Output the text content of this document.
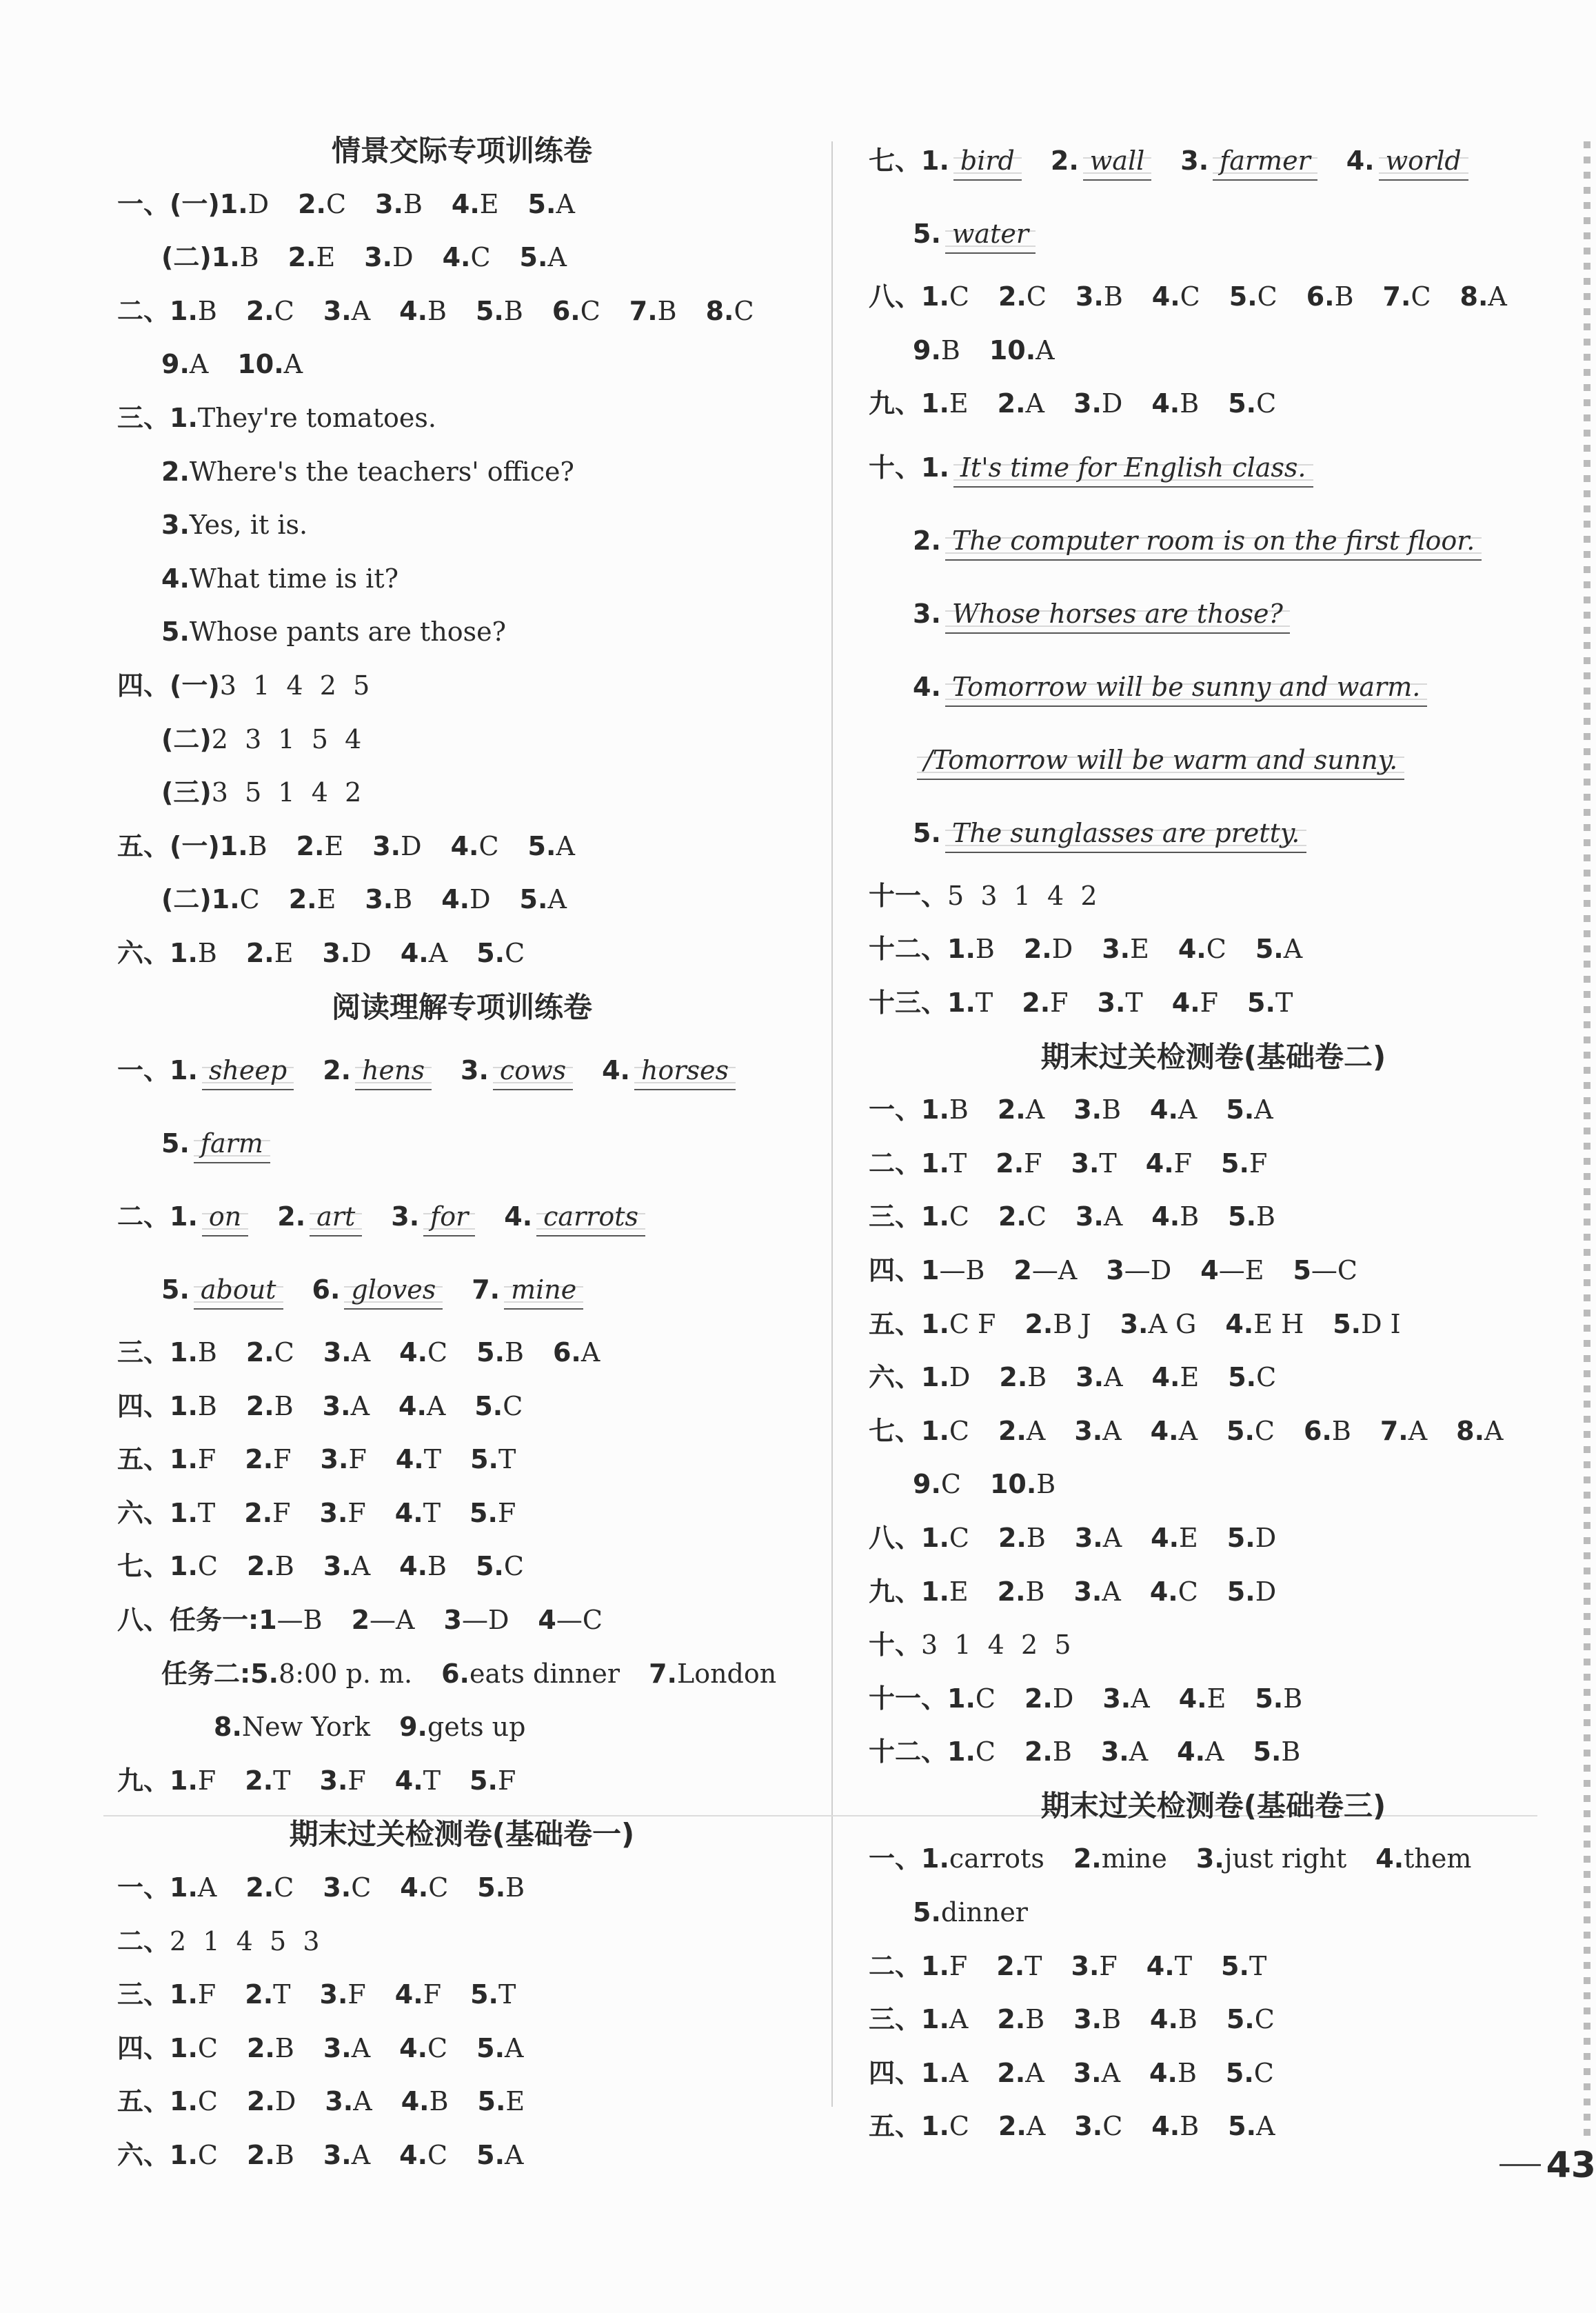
情景交际专项训练卷
一、(一)1.D 2.C 3.B 4.E 5.A
(二)1.B 2.E 3.D 4.C 5.A
二、1.B 2.C 3.A 4.B 5.B 6.C 7.B 8.C
9.A 10.A
三、1.They're tomatoes.
2.Where's the teachers' office?
3.Yes, it is.
4.What time is it?
5.Whose pants are those?
四、(一)3  1  4  2  5
(二)2  3  1  5  4
(三)3  5  1  4  2
五、(一)1.B 2.E 3.D 4.C 5.A
(二)1.C 2.E 3.B 4.D 5.A
六、1.B 2.E 3.D 4.A 5.C
阅读理解专项训练卷
一、1. sheep 2. hens 3. cows 4. horses
5. farm
二、1. on 2. art 3. for 4. carrots
5. about 6. gloves 7. mine
三、1.B 2.C 3.A 4.C 5.B 6.A
四、1.B 2.B 3.A 4.A 5.C
五、1.F 2.F 3.F 4.T 5.T
六、1.T 2.F 3.F 4.T 5.F
七、1.C 2.B 3.A 4.B 5.C
八、任务一:1—B 2—A 3—D 4—C
任务二:5.8:00 p. m. 6.eats dinner 7.London
8.New York 9.gets up
九、1.F 2.T 3.F 4.T 5.F
期末过关检测卷(基础卷一)
一、1.A 2.C 3.C 4.C 5.B
二、2  1  4  5  3
三、1.F 2.T 3.F 4.F 5.T
四、1.C 2.B 3.A 4.C 5.A
五、1.C 2.D 3.A 4.B 5.E
六、1.C 2.B 3.A 4.C 5.A
七、1. bird 2. wall 3. farmer 4. world
5. water
八、1.C 2.C 3.B 4.C 5.C 6.B 7.C 8.A
9.B 10.A
九、1.E 2.A 3.D 4.B 5.C
十、1. It's time for English class.
2. The computer room is on the first floor.
3. Whose horses are those?
4. Tomorrow will be sunny and warm.
/Tomorrow will be warm and sunny.
5. The sunglasses are pretty.
十一、5  3  1  4  2
十二、1.B 2.D 3.E 4.C 5.A
十三、1.T 2.F 3.T 4.F 5.T
期末过关检测卷(基础卷二)
一、1.B 2.A 3.B 4.A 5.A
二、1.T 2.F 3.T 4.F 5.F
三、1.C 2.C 3.A 4.B 5.B
四、1—B 2—A 3—D 4—E 5—C
五、1.C F 2.B J 3.A G 4.E H 5.D I
六、1.D 2.B 3.A 4.E 5.C
七、1.C 2.A 3.A 4.A 5.C 6.B 7.A 8.A
9.C 10.B
八、1.C 2.B 3.A 4.E 5.D
九、1.E 2.B 3.A 4.C 5.D
十、3  1  4  2  5
十一、1.C 2.D 3.A 4.E 5.B
十二、1.C 2.B 3.A 4.A 5.B
期末过关检测卷(基础卷三)
一、1.carrots 2.mine 3.just right 4.them
5.dinner
二、1.F 2.T 3.F 4.T 5.T
三、1.A 2.B 3.B 4.B 5.C
四、1.A 2.A 3.A 4.B 5.C
五、1.C 2.A 3.C 4.B 5.A
43
